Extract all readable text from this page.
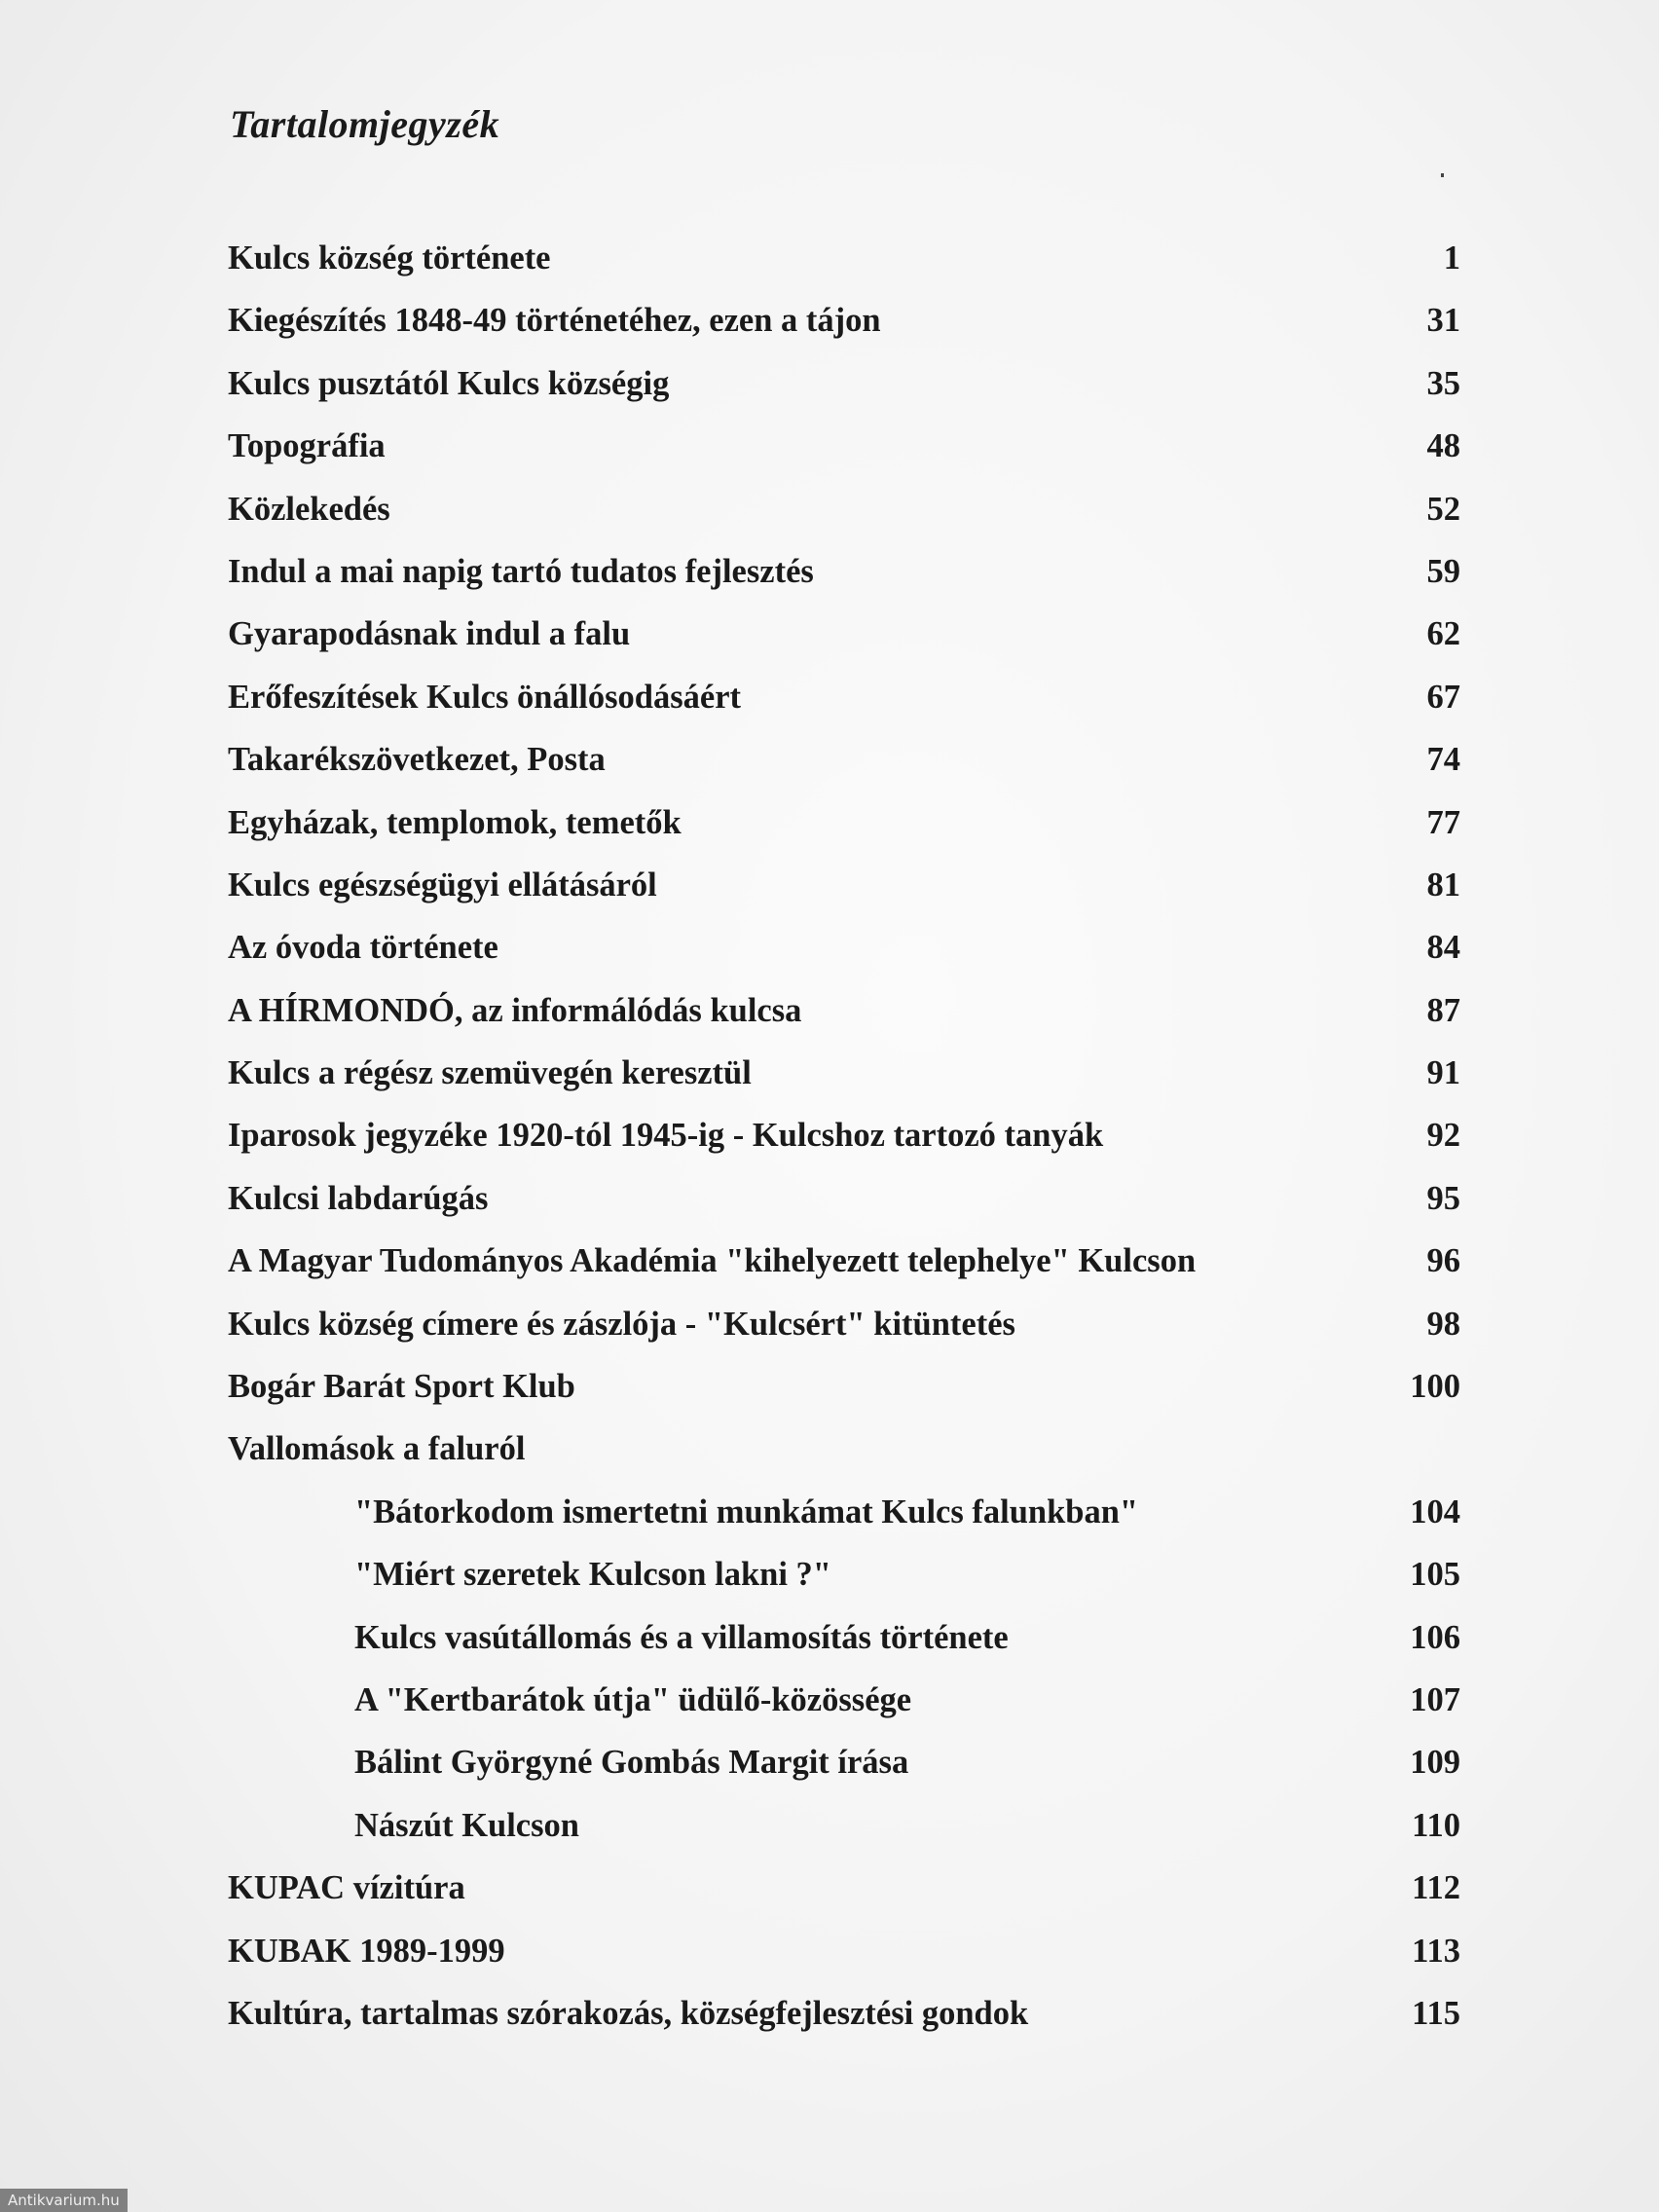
Tartalomjegyzék
Kulcs község története	1
Kiegészítés 1848-49 történetéhez, ezen a tájon	31
Kulcs pusztától Kulcs községig	35
Topográfia	48
Közlekedés	52
Indul a mai napig tartó tudatos fejlesztés	59
Gyarapodásnak indul a falu	62
Erőfeszítések Kulcs önállósodásáért	67
Takarékszövetkezet, Posta	74
Egyházak, templomok, temetők	77
Kulcs egészségügyi ellátásáról	81
Az óvoda története	84
A HÍRMONDÓ, az informálódás kulcsa	87
Kulcs a régész szemüvegén keresztül	91
Iparosok jegyzéke 1920-tól 1945-ig - Kulcshoz tartozó tanyák	92
Kulcsi labdarúgás	95
A Magyar Tudományos Akadémia "kihelyezett telephelye" Kulcson	96
Kulcs község címere és zászlója - "Kulcsért" kitüntetés	98
Bogár Barát Sport Klub	100
Vallomások a faluról
"Bátorkodom ismertetni munkámat Kulcs falunkban"	104
"Miért szeretek Kulcson lakni ?"	105
Kulcs vasútállomás és a villamosítás története	106
A "Kertbarátok útja" üdülő-közössége	107
Bálint Györgyné Gombás Margit írása	109
Nászút Kulcson	110
KUPAC vízitúra	112
KUBAK 1989-1999	113
Kultúra, tartalmas szórakozás, községfejlesztési gondok	115
Antikvarium.hu
